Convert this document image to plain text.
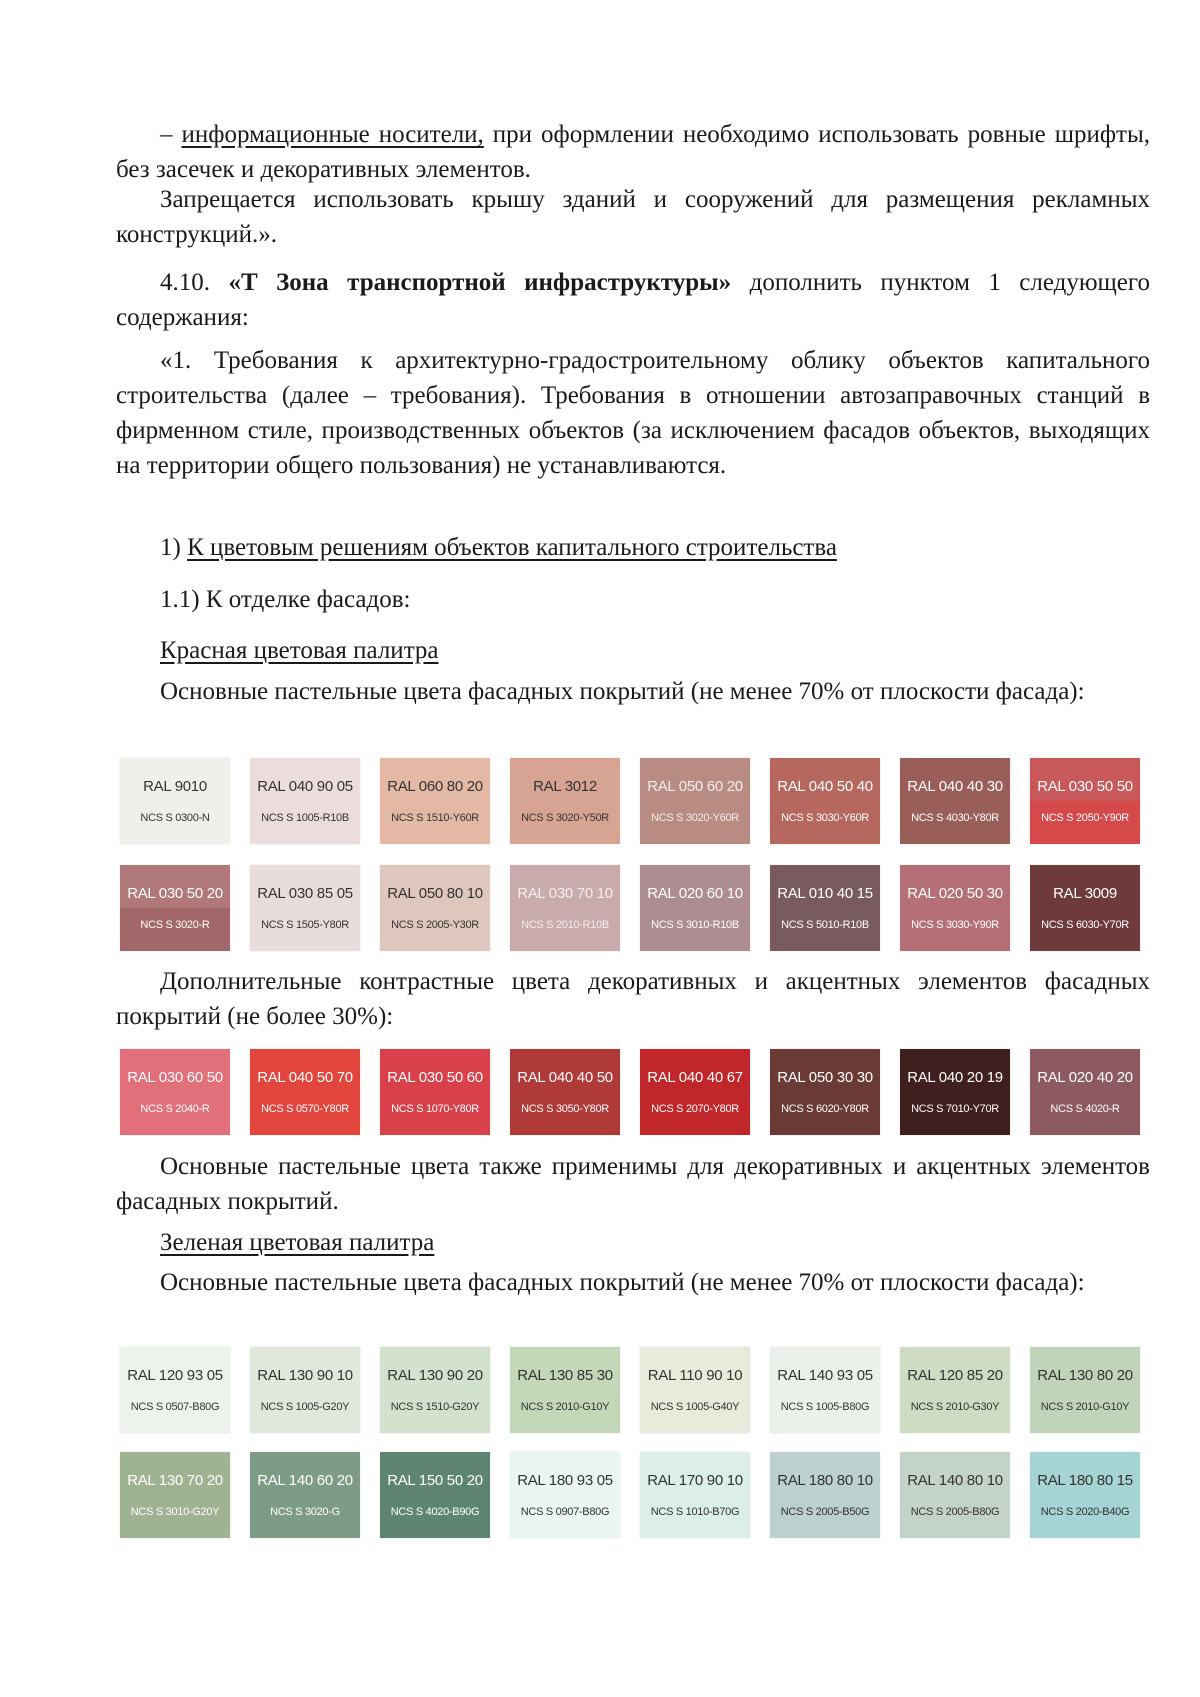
– информационные носители, при оформлении необходимо использовать ровные шрифты, без засечек и декоративных элементов.

Запрещается использовать крышу зданий и сооружений для размещения рекламных конструкций.».

4.10. «Т Зона транспортной инфраструктуры» дополнить пунктом 1 следующего содержания:

«1. Требования к архитектурно-градостроительному облику объектов капитального строительства (далее – требования). Требования в отношении автозаправочных станций в фирменном стиле, производственных объектов (за исключением фасадов объектов, выходящих на территории общего пользования) не устанавливаются.

1) К цветовым решениям объектов капитального строительства

1.1) К отделке фасадов:

Красная цветовая палитра

Основные пастельные цвета фасадных покрытий (не менее 70% от плоскости фасада):

RAL 9010
NCS S 0300-N
RAL 040 90 05
NCS S 1005-R10B
RAL 060 80 20
NCS S 1510-Y60R
RAL 3012
NCS S 3020-Y50R
RAL 050 60 20
NCS S 3020-Y60R
RAL 040 50 40
NCS S 3030-Y60R
RAL 040 40 30
NCS S 4030-Y80R
RAL 030 50 50
NCS S 2050-Y90R
RAL 030 50 20
NCS S 3020-R
RAL 030 85 05
NCS S 1505-Y80R
RAL 050 80 10
NCS S 2005-Y30R
RAL 030 70 10
NCS S 2010-R10B
RAL 020 60 10
NCS S 3010-R10B
RAL 010 40 15
NCS S 5010-R10B
RAL 020 50 30
NCS S 3030-Y90R
RAL 3009
NCS S 6030-Y70R

Дополнительные контрастные цвета декоративных и акцентных элементов фасадных покрытий (не более 30%):

RAL 030 60 50
NCS S 2040-R
RAL 040 50 70
NCS S 0570-Y80R
RAL 030 50 60
NCS S 1070-Y80R
RAL 040 40 50
NCS S 3050-Y80R
RAL 040 40 67
NCS S 2070-Y80R
RAL 050 30 30
NCS S 6020-Y80R
RAL 040 20 19
NCS S 7010-Y70R
RAL 020 40 20
NCS S 4020-R

Основные пастельные цвета также применимы для декоративных и акцентных элементов фасадных покрытий.

Зеленая цветовая палитра

Основные пастельные цвета фасадных покрытий (не менее 70% от плоскости фасада):

RAL 120 93 05
NCS S 0507-B80G
RAL 130 90 10
NCS S 1005-G20Y
RAL 130 90 20
NCS S 1510-G20Y
RAL 130 85 30
NCS S 2010-G10Y
RAL 110 90 10
NCS S 1005-G40Y
RAL 140 93 05
NCS S 1005-B80G
RAL 120 85 20
NCS S 2010-G30Y
RAL 130 80 20
NCS S 2010-G10Y
RAL 130 70 20
NCS S 3010-G20Y
RAL 140 60 20
NCS S 3020-G
RAL 150 50 20
NCS S 4020-B90G
RAL 180 93 05
NCS S 0907-B80G
RAL 170 90 10
NCS S 1010-B70G
RAL 180 80 10
NCS S 2005-B50G
RAL 140 80 10
NCS S 2005-B80G
RAL 180 80 15
NCS S 2020-B40G
